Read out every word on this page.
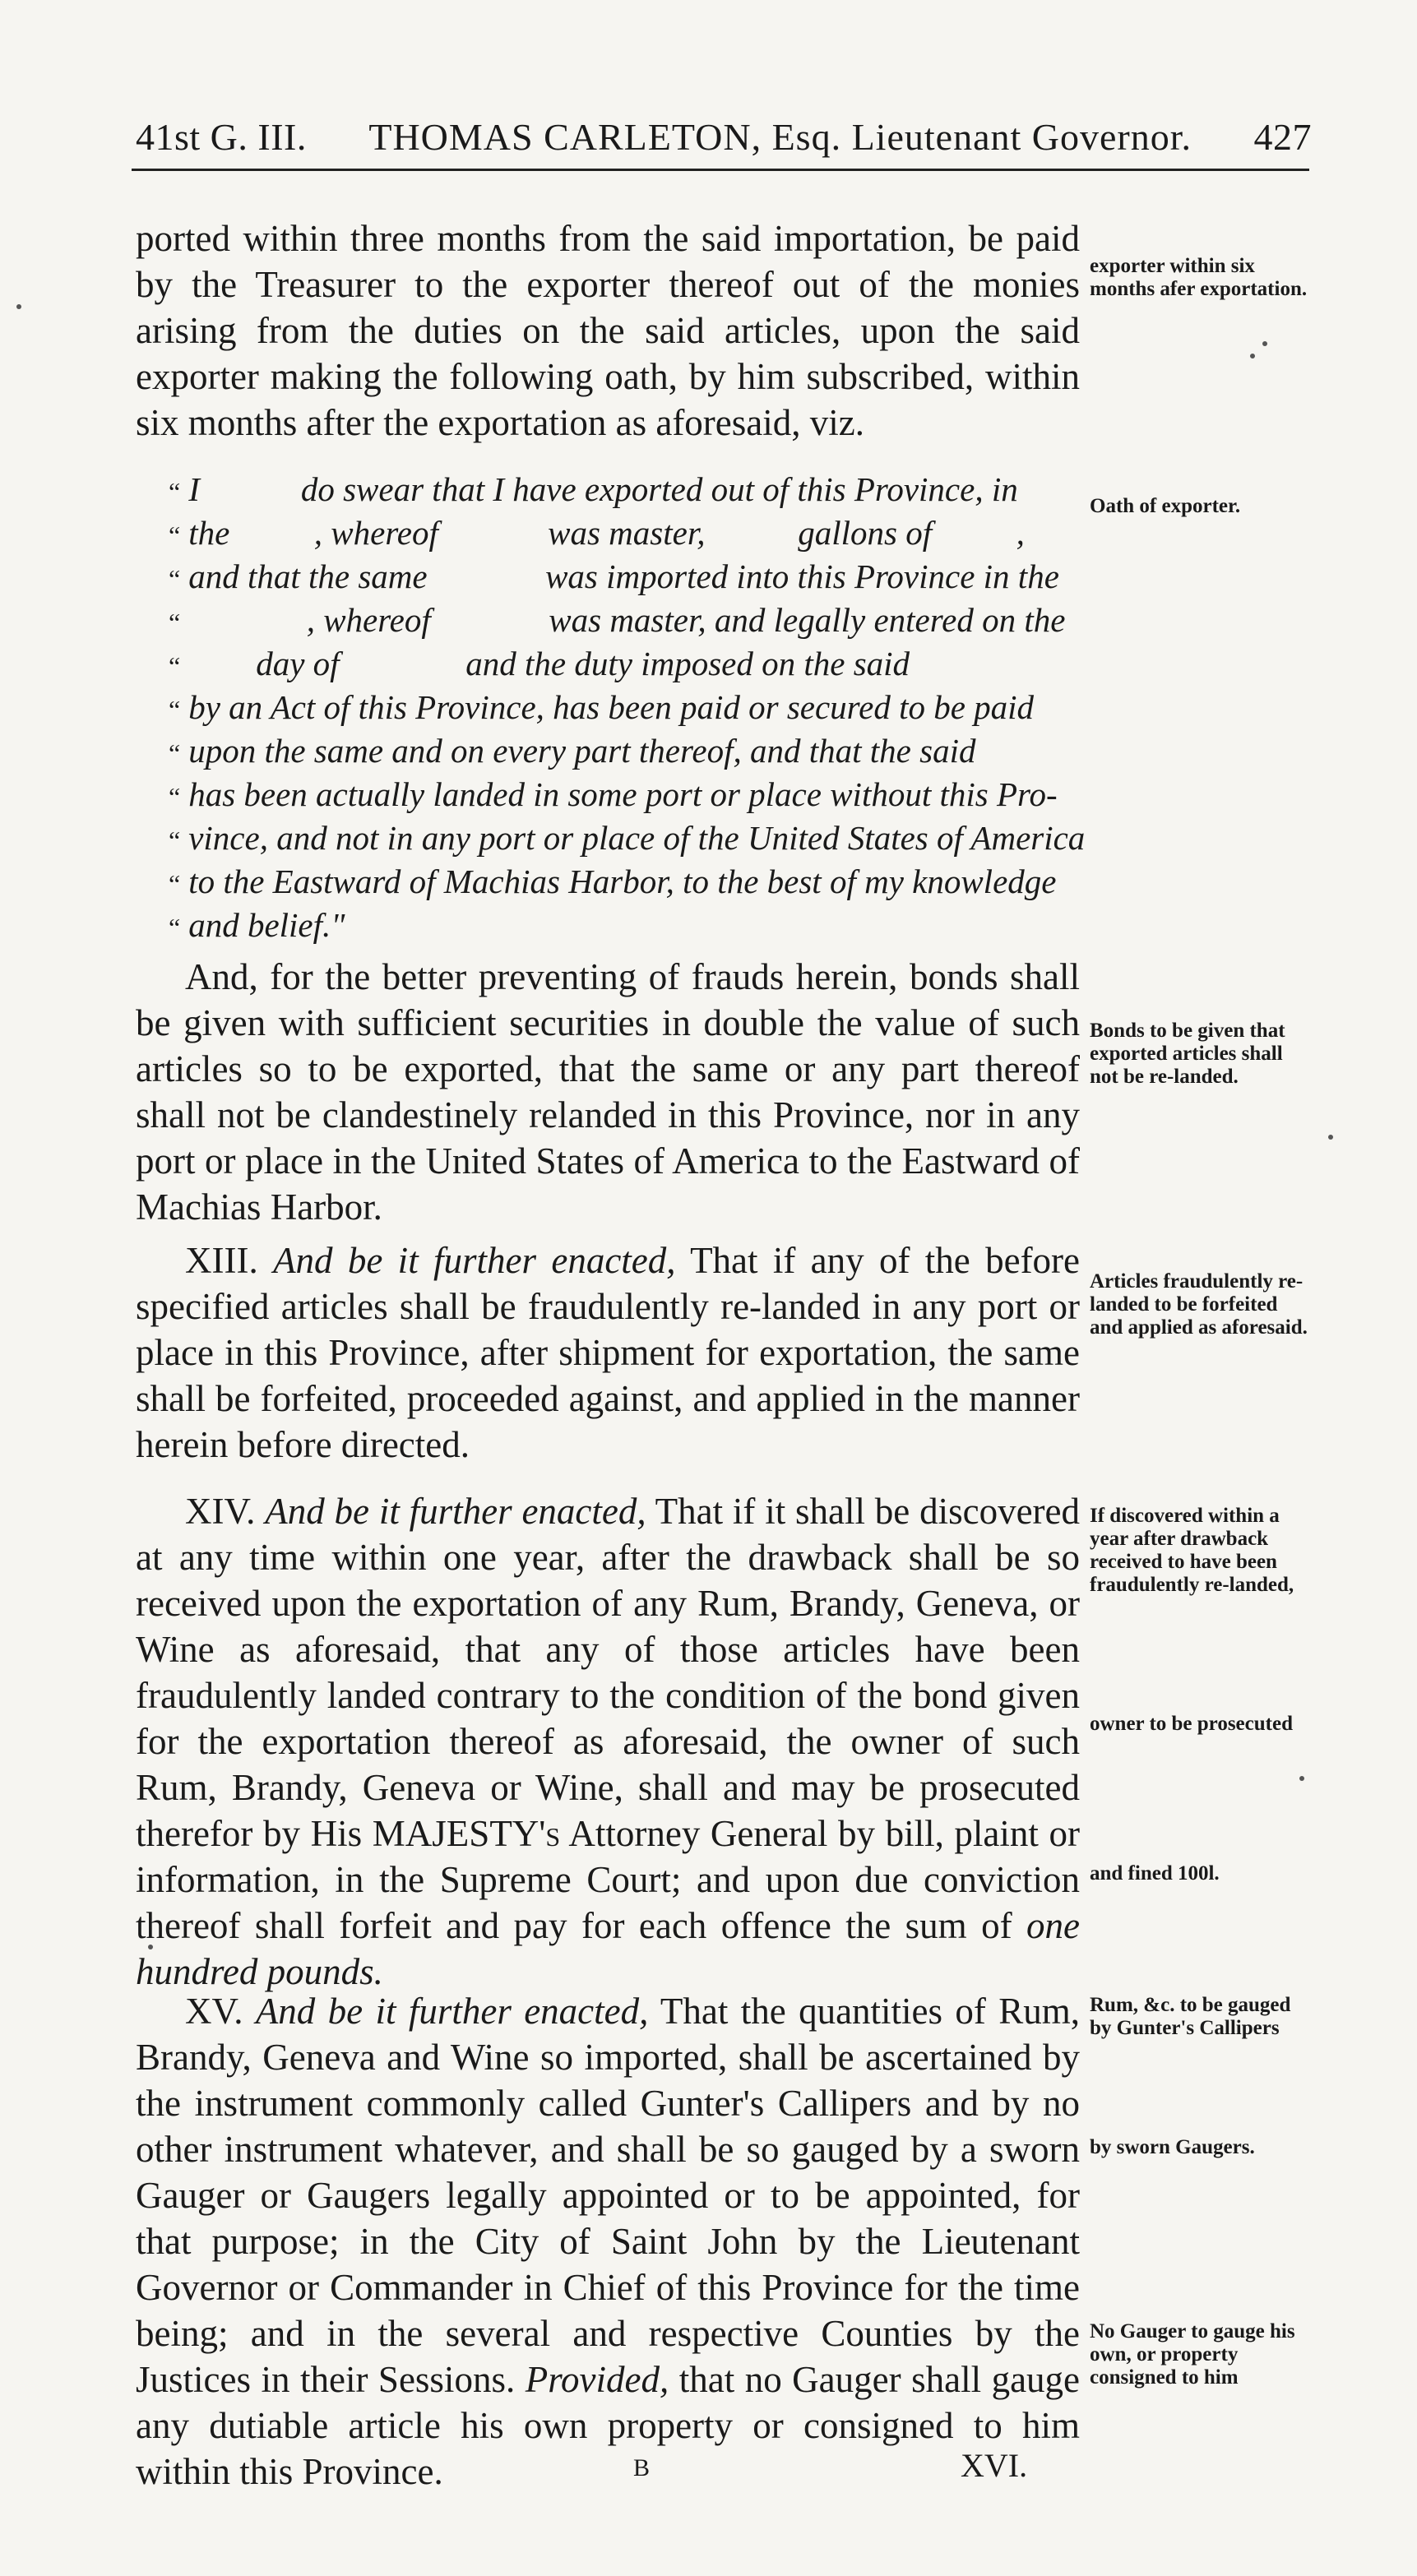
41st G. III. THOMAS CARLETON, Esq. Lieutenant Governor. 427

ported within three months from the said importation, be paid by the Treasurer to the exporter thereof out of the monies arising from the duties on the said articles, upon the said exporter making the following oath, by him subscribed, within six months after the exportation as aforesaid, viz.

exporter within six months afer exportation.

“ I            do swear that I have exported out of this Province, in
“ the          , whereof             was master,           gallons of          ,
“ and that the same              was imported into this Province in the
“              , whereof              was master, and legally entered on the
“        day of               and the duty imposed on the said
“ by an Act of this Province, has been paid or secured to be paid
“ upon the same and on every part thereof, and that the said
“ has been actually landed in some port or place without this Pro-
“ vince, and not in any port or place of the United States of America
“ to the Eastward of Machias Harbor, to the best of my knowledge
“ and belief."

Oath of exporter.

And, for the better preventing of frauds herein, bonds shall be given with sufficient securities in double the value of such articles so to be exported, that the same or any part thereof shall not be clandestinely relanded in this Province, nor in any port or place in the United States of America to the Eastward of Machias Harbor.

Bonds to be given that exported articles shall not be re-landed.

XIII. And be it further enacted, That if any of the before specified articles shall be fraudulently re-landed in any port or place in this Province, after shipment for exportation, the same shall be forfeited, proceeded against, and applied in the manner herein before directed.

Articles fraudulently re-landed to be forfeited and applied as aforesaid.

XIV. And be it further enacted, That if it shall be discovered at any time within one year, after the drawback shall be so received upon the exportation of any Rum, Brandy, Geneva, or Wine as aforesaid, that any of those articles have been fraudulently landed contrary to the condition of the bond given for the exportation thereof as aforesaid, the owner of such Rum, Brandy, Geneva or Wine, shall and may be prosecuted therefor by His MAJESTY's Attorney General by bill, plaint or information, in the Supreme Court; and upon due conviction thereof shall forfeit and pay for each offence the sum of one hundred pounds.

If discovered within a year after drawback received to have been fraudulently re-landed,

owner to be prosecuted

and fined 100l.

XV. And be it further enacted, That the quantities of Rum, Brandy, Geneva and Wine so imported, shall be ascertained by the instrument commonly called Gunter's Callipers and by no other instrument whatever, and shall be so gauged by a sworn Gauger or Gaugers legally appointed or to be appointed, for that purpose; in the City of Saint John by the Lieutenant Governor or Commander in Chief of this Province for the time being; and in the several and respective Counties by the Justices in their Sessions. Provided, that no Gauger shall gauge any dutiable article his own property or consigned to him within this Province.

Rum, &c. to be gauged by Gunter's Callipers

by sworn Gaugers.

No Gauger to gauge his own, or property consigned to him

B	XVI.
